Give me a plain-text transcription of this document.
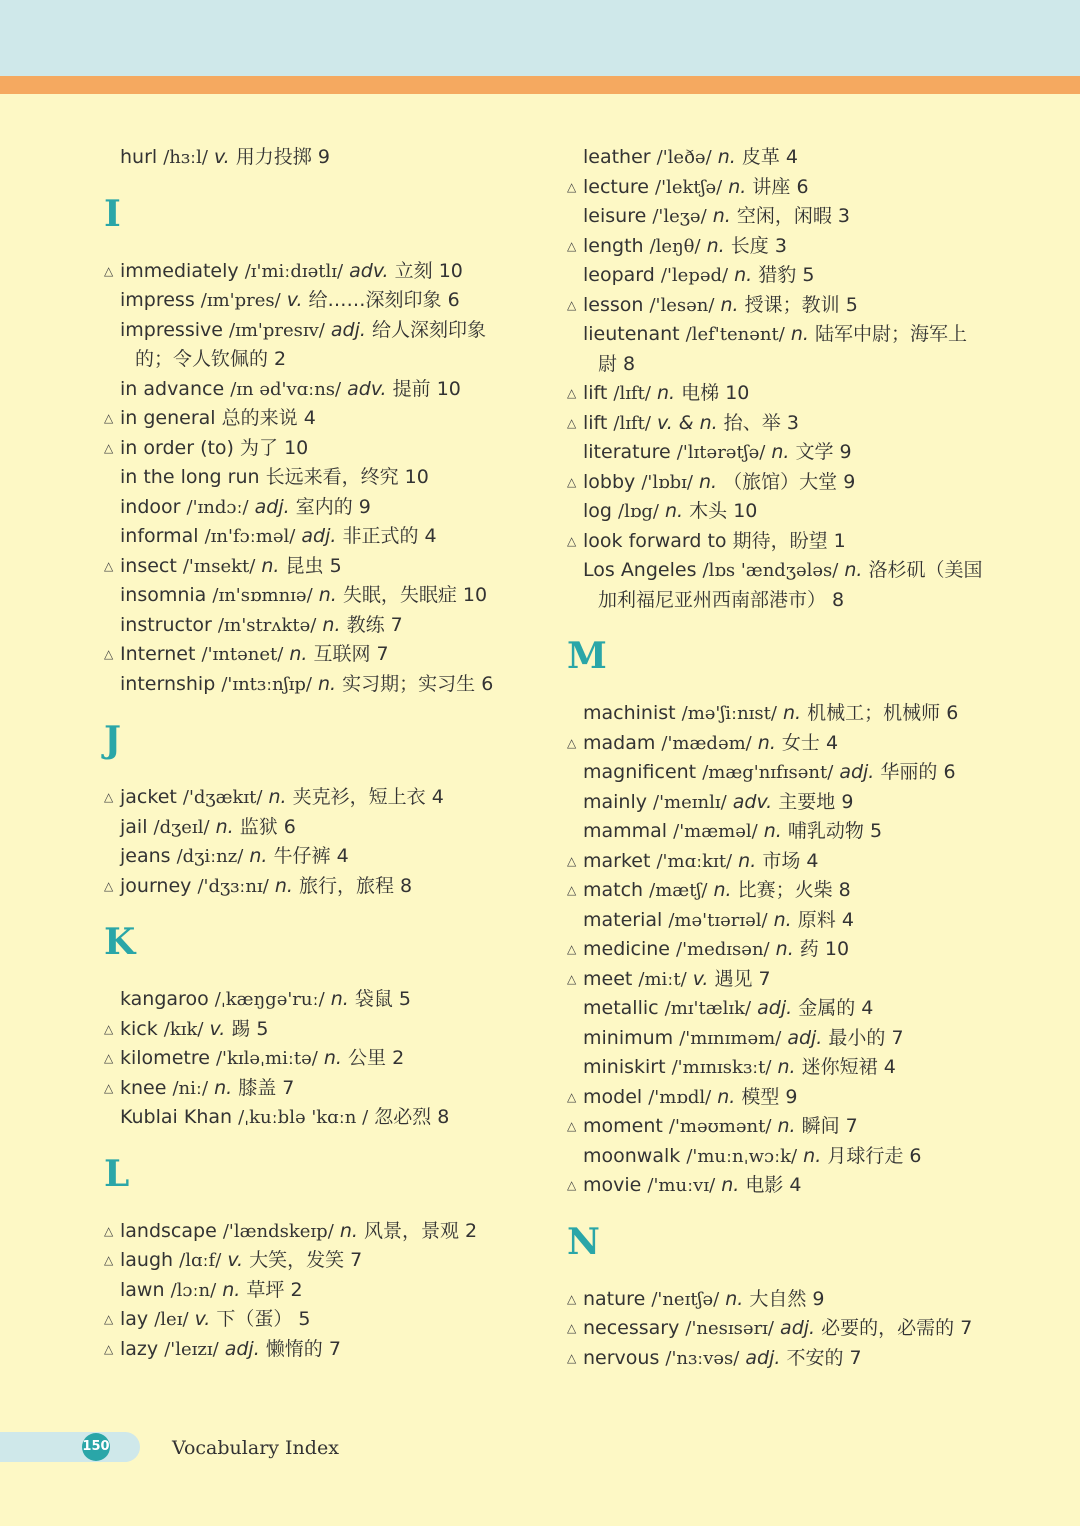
hurl /hɜːl/ v. 用力投掷 9
I
△ immediately /ɪ'miːdɪətlɪ/ adv. 立刻 10
impress /ɪm'pres/ v. 给……深刻印象 6
impressive /ɪm'presɪv/ adj. 给人深刻印象
的；令人钦佩的 2
in advance /ɪn əd'vɑːns/ adv. 提前 10
△ in general 总的来说 4
△ in order (to) 为了 10
in the long run 长远来看，终究 10
indoor /'ɪndɔː/ adj. 室内的 9
informal /ɪn'fɔːməl/ adj. 非正式的 4
△ insect /'ɪnsekt/ n. 昆虫 5
insomnia /ɪn'sɒmnɪə/ n. 失眠，失眠症 10
instructor /ɪn'strʌktə/ n. 教练 7
△ Internet /'ɪntənet/ n. 互联网 7
internship /'ɪntɜːnʃɪp/ n. 实习期；实习生 6
J
△ jacket /'dʒækɪt/ n. 夹克衫，短上衣 4
jail /dʒeɪl/ n. 监狱 6
jeans /dʒiːnz/ n. 牛仔裤 4
△ journey /'dʒɜːnɪ/ n. 旅行，旅程 8
K
kangaroo /ˌkæŋgə'ruː/ n. 袋鼠 5
△ kick /kɪk/ v. 踢 5
△ kilometre /'kɪləˌmiːtə/ n. 公里 2
△ knee /niː/ n. 膝盖 7
Kublai Khan /ˌkuːblə 'kɑːn / 忽必烈 8
L
△ landscape /'lændskeɪp/ n. 风景，景观 2
△ laugh /lɑːf/ v. 大笑，发笑 7
lawn /lɔːn/ n. 草坪 2
△ lay /leɪ/ v. 下（蛋） 5
△ lazy /'leɪzɪ/ adj. 懒惰的 7
leather /'leðə/ n. 皮革 4
△ lecture /'lektʃə/ n. 讲座 6
leisure /'leʒə/ n. 空闲，闲暇 3
△ length /leŋθ/ n. 长度 3
leopard /'lepəd/ n. 猎豹 5
△ lesson /'lesən/ n. 授课；教训 5
lieutenant /lef'tenənt/ n. 陆军中尉；海军上
尉 8
△ lift /lɪft/ n. 电梯 10
△ lift /lɪft/ v. & n. 抬、举 3
literature /'lɪtərətʃə/ n. 文学 9
△ lobby /'lɒbɪ/ n. （旅馆）大堂 9
log /lɒg/ n. 木头 10
△ look forward to 期待，盼望 1
Los Angeles /lɒs 'ændʒələs/ n. 洛杉矶（美国
加利福尼亚州西南部港市） 8
M
machinist /mə'ʃiːnɪst/ n. 机械工；机械师 6
△ madam /'mædəm/ n. 女士 4
magnificent /mæg'nɪfɪsənt/ adj. 华丽的 6
mainly /'meɪnlɪ/ adv. 主要地 9
mammal /'mæməl/ n. 哺乳动物 5
△ market /'mɑːkɪt/ n. 市场 4
△ match /mætʃ/ n. 比赛；火柴 8
material /mə'tɪərɪəl/ n. 原料 4
△ medicine /'medɪsən/ n. 药 10
△ meet /miːt/ v. 遇见 7
metallic /mɪ'tælɪk/ adj. 金属的 4
minimum /'mɪnɪməm/ adj. 最小的 7
miniskirt /'mɪnɪskɜːt/ n. 迷你短裙 4
△ model /'mɒdl/ n. 模型 9
△ moment /'məʊmənt/ n. 瞬间 7
moonwalk /'muːnˌwɔːk/ n. 月球行走 6
△ movie /'muːvɪ/ n. 电影 4
N
△ nature /'neɪtʃə/ n. 大自然 9
△ necessary /'nesɪsərɪ/ adj. 必要的，必需的 7
△ nervous /'nɜːvəs/ adj. 不安的 7
150	Vocabulary Index
